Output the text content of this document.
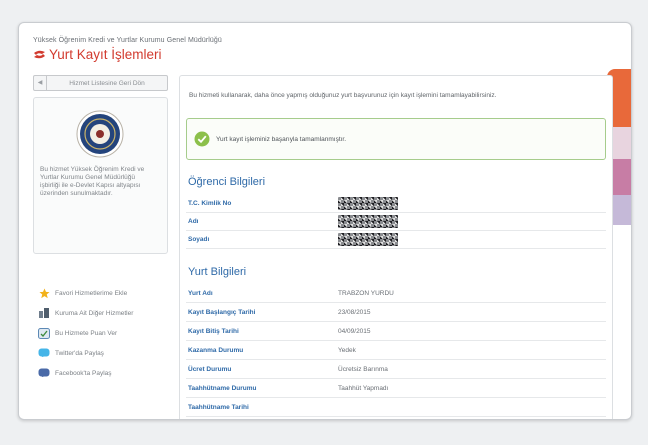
Yüksek Öğrenim Kredi ve Yurtlar Kurumu Genel Müdürlüğü
Yurt Kayıt İşlemleri
◀	Hizmet Listesine Geri Dön
Bu hizmet Yüksek Öğrenim Kredi ve Yurtlar Kurumu Genel Müdürlüğü işbirliği ile e-Devlet Kapısı altyapısı üzerinden sunulmaktadır.
Favori Hizmetlerime Ekle
Kuruma Ait Diğer Hizmetler
Bu Hizmete Puan Ver
Twitter'da Paylaş
Facebook'ta Paylaş
Bu hizmeti kullanarak, daha önce yapmış olduğunuz yurt başvurunuz için kayıt işlemini tamamlayabilirsiniz.
Yurt kayıt işleminiz başarıyla tamamlanmıştır.
Öğrenci Bilgileri
T.C. Kimlik No
Adı
Soyadı
Yurt Bilgileri
Yurt Adı	TRABZON YURDU
Kayıt Başlangıç Tarihi	23/08/2015
Kayıt Bitiş Tarihi	04/09/2015
Kazanma Durumu	Yedek
Ücret Durumu	Ücretsiz Barınma
Taahhütname Durumu	Taahhüt Yapmadı
Taahhütname Tarihi
